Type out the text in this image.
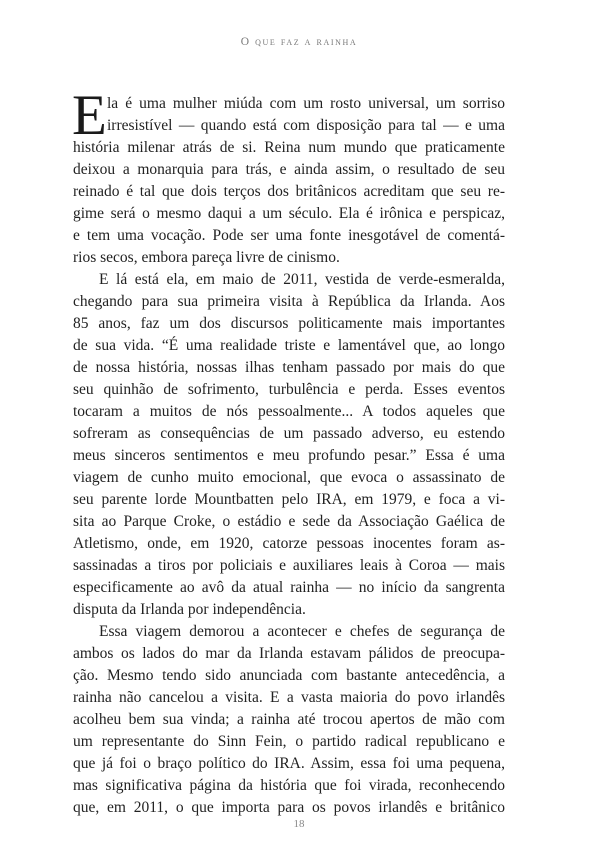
O que faz a rainha
E la é uma mulher miúda com um rosto universal, um sorriso
irresistível — quando está com disposição para tal — e uma
história milenar atrás de si. Reina num mundo que praticamente
deixou a monarquia para trás, e ainda assim, o resultado de seu
reinado é tal que dois terços dos britânicos acreditam que seu re-
gime será o mesmo daqui a um século. Ela é irônica e perspicaz,
e tem uma vocação. Pode ser uma fonte inesgotável de comentá-
rios secos, embora pareça livre de cinismo.
E lá está ela, em maio de 2011, vestida de verde-esmeralda,
chegando para sua primeira visita à República da Irlanda. Aos
85 anos, faz um dos discursos politicamente mais importantes
de sua vida. “É uma realidade triste e lamentável que, ao longo
de nossa história, nossas ilhas tenham passado por mais do que
seu quinhão de sofrimento, turbulência e perda. Esses eventos
tocaram a muitos de nós pessoalmente... A todos aqueles que
sofreram as consequências de um passado adverso, eu estendo
meus sinceros sentimentos e meu profundo pesar.” Essa é uma
viagem de cunho muito emocional, que evoca o assassinato de
seu parente lorde Mountbatten pelo IRA, em 1979, e foca a vi-
sita ao Parque Croke, o estádio e sede da Associação Gaélica de
Atletismo, onde, em 1920, catorze pessoas inocentes foram as-
sassinadas a tiros por policiais e auxiliares leais à Coroa — mais
especificamente ao avô da atual rainha — no início da sangrenta
disputa da Irlanda por independência.
Essa viagem demorou a acontecer e chefes de segurança de
ambos os lados do mar da Irlanda estavam pálidos de preocupa-
ção. Mesmo tendo sido anunciada com bastante antecedência, a
rainha não cancelou a visita. E a vasta maioria do povo irlandês
acolheu bem sua vinda; a rainha até trocou apertos de mão com
um representante do Sinn Fein, o partido radical republicano e
que já foi o braço político do IRA. Assim, essa foi uma pequena,
mas significativa página da história que foi virada, reconhecendo
que, em 2011, o que importa para os povos irlandês e britânico
18
